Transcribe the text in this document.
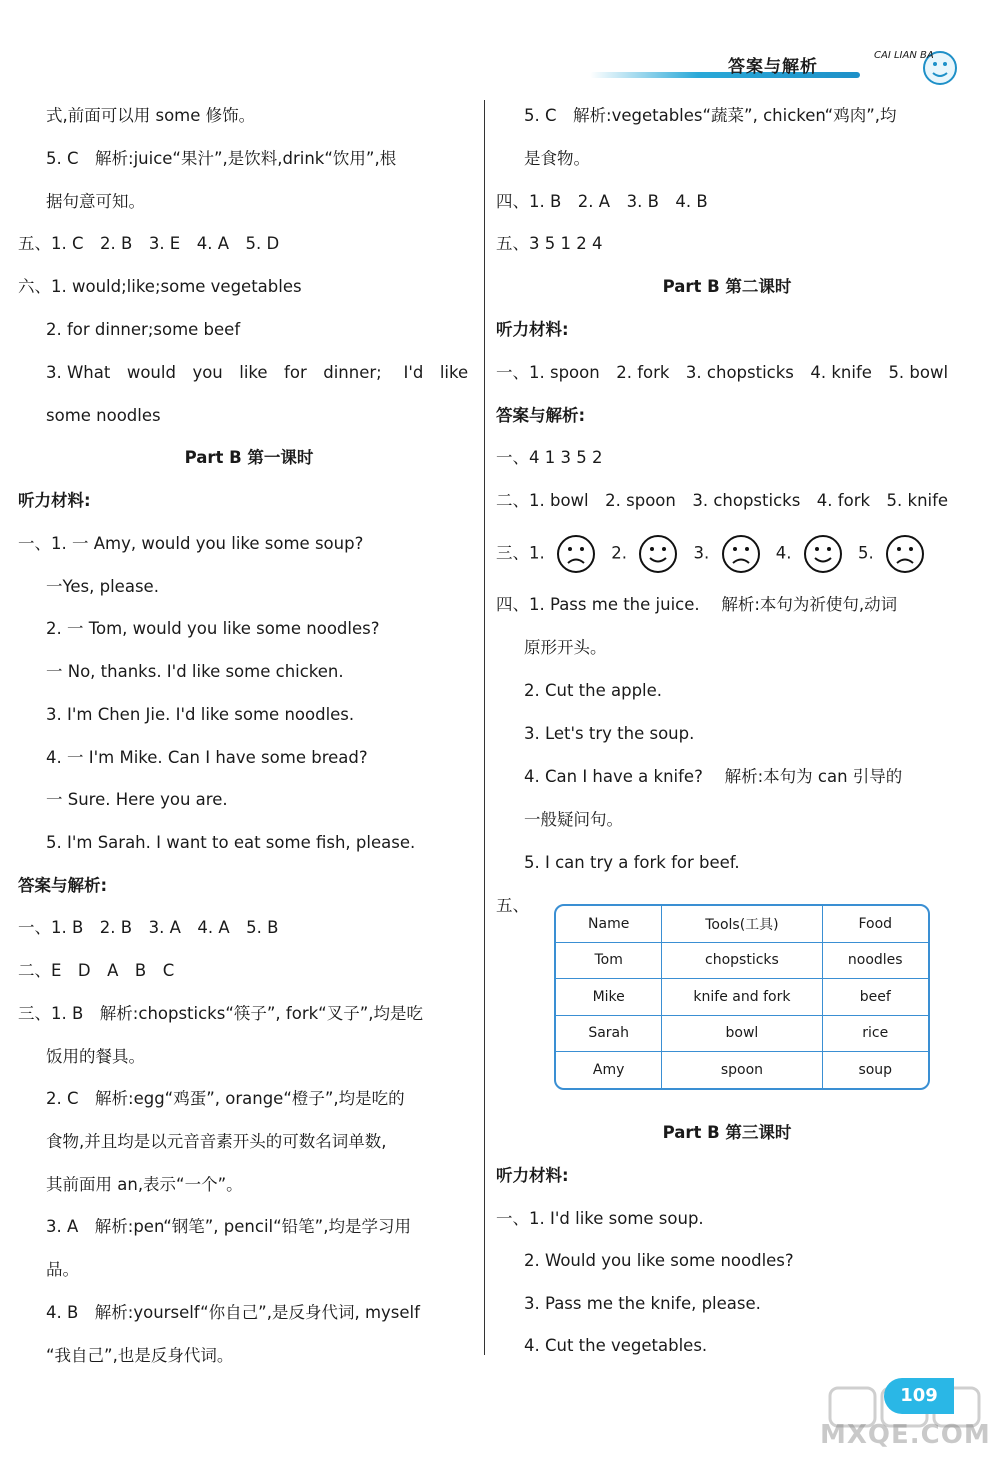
答案与解析
CAI LIAN BA
式,前面可以用 some 修饰。
5. C　解析:juice“果汁”,是饮料,drink“饮用”,根
据句意可知。
五、1. C　2. B　3. E　4. A　5. D
六、1. would;like;some vegetables
2. for dinner;some beef
3. What　would　you　like　for　dinner;　 I'd　like
some noodles
Part B 第一课时
听力材料:
一、1. 一 Amy, would you like some soup?
一Yes, please.
2. 一 Tom, would you like some noodles?
一 No, thanks. I'd like some chicken.
3. I'm Chen Jie. I'd like some noodles.
4. 一 I'm Mike. Can I have some bread?
一 Sure. Here you are.
5. I'm Sarah. I want to eat some fish, please.
答案与解析:
一、1. B　2. B　3. A　4. A　5. B
二、E　D　A　B　C
三、1. B　解析:chopsticks“筷子”, fork“叉子”,均是吃
饭用的餐具。
2. C　解析:egg“鸡蛋”, orange“橙子”,均是吃的
食物,并且均是以元音音素开头的可数名词单数,
其前面用 an,表示“一个”。
3. A　解析:pen“钢笔”, pencil“铅笔”,均是学习用
品。
4. B　解析:yourself“你自己”,是反身代词, myself
“我自己”,也是反身代词。
5. C　解析:vegetables“蔬菜”, chicken“鸡肉”,均
是食物。
四、1. B　2. A　3. B　4. B
五、3 5 1 2 4
Part B 第二课时
听力材料:
一、1. spoon　2. fork　3. chopsticks　4. knife　5. bowl
答案与解析:
一、4 1 3 5 2
二、1. bowl　2. spoon　3. chopsticks　4. fork　5. knife
三、1.	2.	3.	4.	5.
四、1. Pass me the juice.　 解析:本句为祈使句,动词
原形开头。
2. Cut the apple.
3. Let's try the soup.
4. Can I have a knife?　 解析:本句为 can 引导的
一般疑问句。
5. I can try a fork for beef.
五、
Name	Tools(工具)	Food
Tom	chopsticks	noodles
Mike	knife and fork	beef
Sarah	bowl	rice
Amy	spoon	soup
Part B 第三课时
听力材料:
一、1. I'd like some soup.
2. Would you like some noodles?
3. Pass me the knife, please.
4. Cut the vegetables.
109
MXQE.COM
